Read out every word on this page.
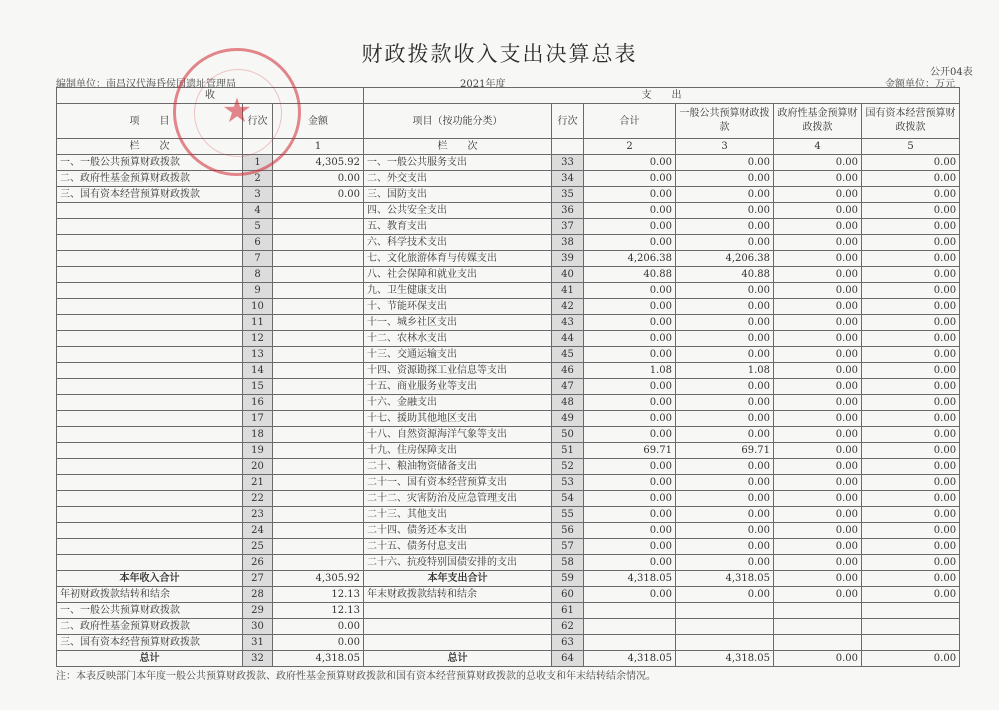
财政拨款收入支出决算总表
公开04表
编制单位：南昌汉代海昏侯国遗址管理局	2021年度	金额单位：万元
收			支　　出					
项　　目	行次	金额	项目（按功能分类）	行次	合计	一般公共预算财政拨款	政府性基金预算财政拨款	国有资本经营预算财政拨款
栏　　次		1	栏　　次		2	3	4	5
一、一般公共预算财政拨款	1	4,305.92	一、一般公共服务支出	33	0.00	0.00	0.00	0.00
二、政府性基金预算财政拨款	2	0.00	二、外交支出	34	0.00	0.00	0.00	0.00
三、国有资本经营预算财政拨款	3	0.00	三、国防支出	35	0.00	0.00	0.00	0.00
	4		四、公共安全支出	36	0.00	0.00	0.00	0.00
	5		五、教育支出	37	0.00	0.00	0.00	0.00
	6		六、科学技术支出	38	0.00	0.00	0.00	0.00
	7		七、文化旅游体育与传媒支出	39	4,206.38	4,206.38	0.00	0.00
	8		八、社会保障和就业支出	40	40.88	40.88	0.00	0.00
	9		九、卫生健康支出	41	0.00	0.00	0.00	0.00
	10		十、节能环保支出	42	0.00	0.00	0.00	0.00
	11		十一、城乡社区支出	43	0.00	0.00	0.00	0.00
	12		十二、农林水支出	44	0.00	0.00	0.00	0.00
	13		十三、交通运输支出	45	0.00	0.00	0.00	0.00
	14		十四、资源勘探工业信息等支出	46	1.08	1.08	0.00	0.00
	15		十五、商业服务业等支出	47	0.00	0.00	0.00	0.00
	16		十六、金融支出	48	0.00	0.00	0.00	0.00
	17		十七、援助其他地区支出	49	0.00	0.00	0.00	0.00
	18		十八、自然资源海洋气象等支出	50	0.00	0.00	0.00	0.00
	19		十九、住房保障支出	51	69.71	69.71	0.00	0.00
	20		二十、粮油物资储备支出	52	0.00	0.00	0.00	0.00
	21		二十一、国有资本经营预算支出	53	0.00	0.00	0.00	0.00
	22		二十二、灾害防治及应急管理支出	54	0.00	0.00	0.00	0.00
	23		二十三、其他支出	55	0.00	0.00	0.00	0.00
	24		二十四、债务还本支出	56	0.00	0.00	0.00	0.00
	25		二十五、债务付息支出	57	0.00	0.00	0.00	0.00
	26		二十六、抗疫特别国债安排的支出	58	0.00	0.00	0.00	0.00
本年收入合计	27	4,305.92	本年支出合计	59	4,318.05	4,318.05	0.00	0.00
年初财政拨款结转和结余	28	12.13	年末财政拨款结转和结余	60	0.00	0.00	0.00	0.00
一、一般公共预算财政拨款	29	12.13		61				
二、政府性基金预算财政拨款	30	0.00		62				
三、国有资本经营预算财政拨款	31	0.00		63				
总计	32	4,318.05	总计	64	4,318.05	4,318.05	0.00	0.00
★
注：本表反映部门本年度一般公共预算财政拨款、政府性基金预算财政拨款和国有资本经营预算财政拨款的总收支和年末结转结余情况。
